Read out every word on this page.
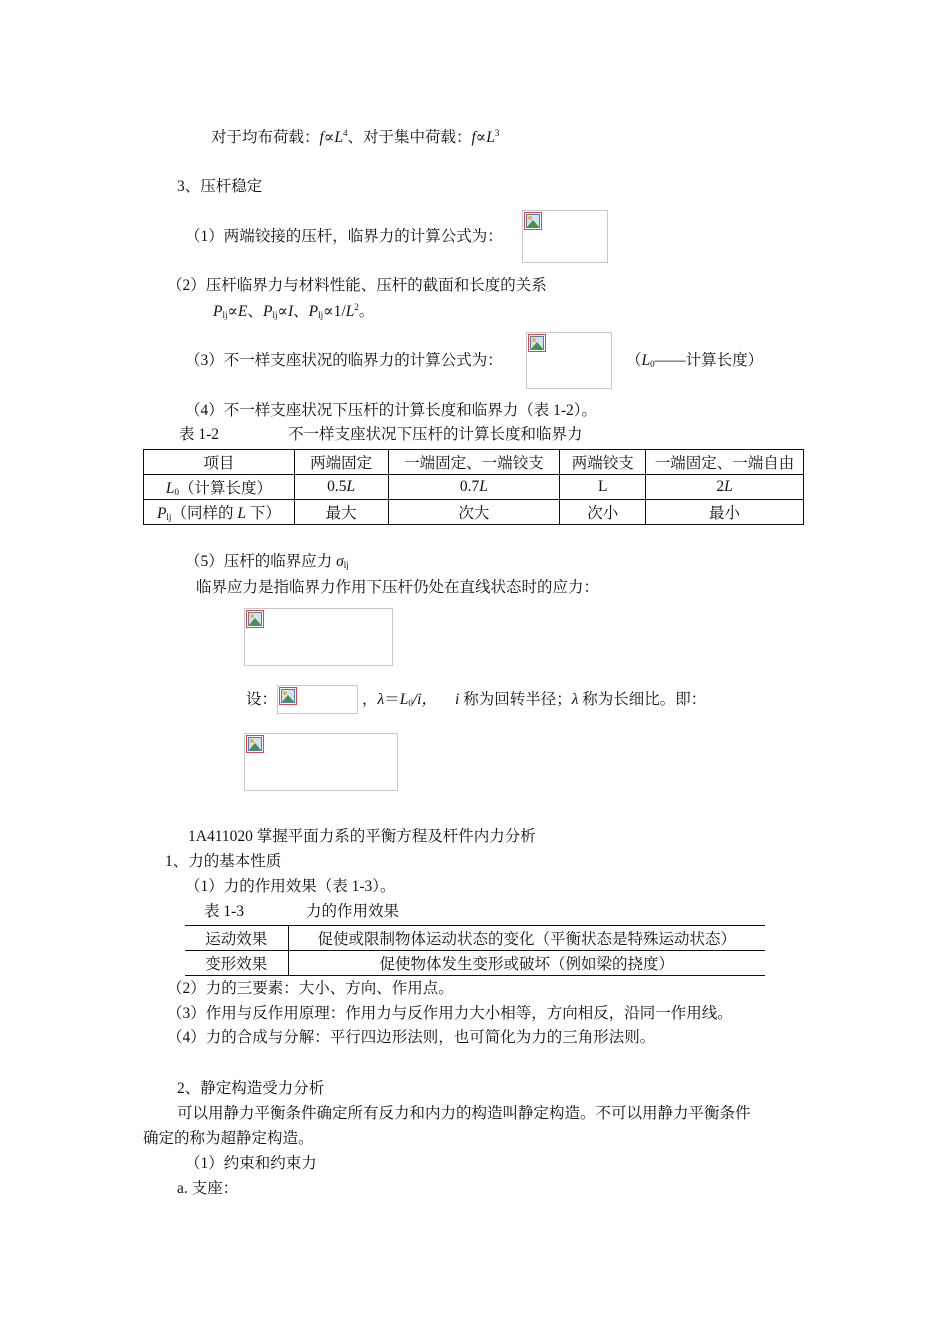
对于均布荷载：$f\propto L^4$、对于集中荷载：$f\propto L^3$
3、压杆稳定
（1）两端铰接的压杆，临界力的计算公式为：
（2）压杆临界力与材料性能、压杆的截面和长度的关系
$P_{lj}\propto E$、$P_{lj}\propto I$、$P_{lj}\propto 1/L^2$。
（3）不一样支座状况的临界力的计算公式为：	（$L_0——$计算长度）
（4）不一样支座状况下压杆的计算长度和临界力（表 1-2）。
表 1-2	不一样支座状况下压杆的计算长度和临界力
项目	两端固定	一端固定、一端铰支	两端铰支	一端固定、一端自由
$L_0$（计算长度）	0.5L	0.7L	L	2L
$P_{lj}$（同样的 L 下）	最大	次大	次小	最小
（5）压杆的临界应力 $\sigma_{lj}$
临界应力是指临界力作用下压杆仍处在直线状态时的应力：
设：	，$\lambda=L_0/i$， i 称为回转半径；λ 称为长细比。即：
1A411020 掌握平面力系的平衡方程及杆件内力分析
1、力的基本性质
（1）力的作用效果（表 1-3）。
表 1-3	力的作用效果
运动效果	促使或限制物体运动状态的变化（平衡状态是特殊运动状态）
变形效果	促使物体发生变形或破坏（例如梁的挠度）
（2）力的三要素：大小、方向、作用点。
（3）作用与反作用原理：作用力与反作用力大小相等，方向相反，沿同一作用线。
（4）力的合成与分解：平行四边形法则，也可简化为力的三角形法则。
2、静定构造受力分析
可以用静力平衡条件确定所有反力和内力的构造叫静定构造。不可以用静力平衡条件
确定的称为超静定构造。
（1）约束和约束力
a. 支座：
